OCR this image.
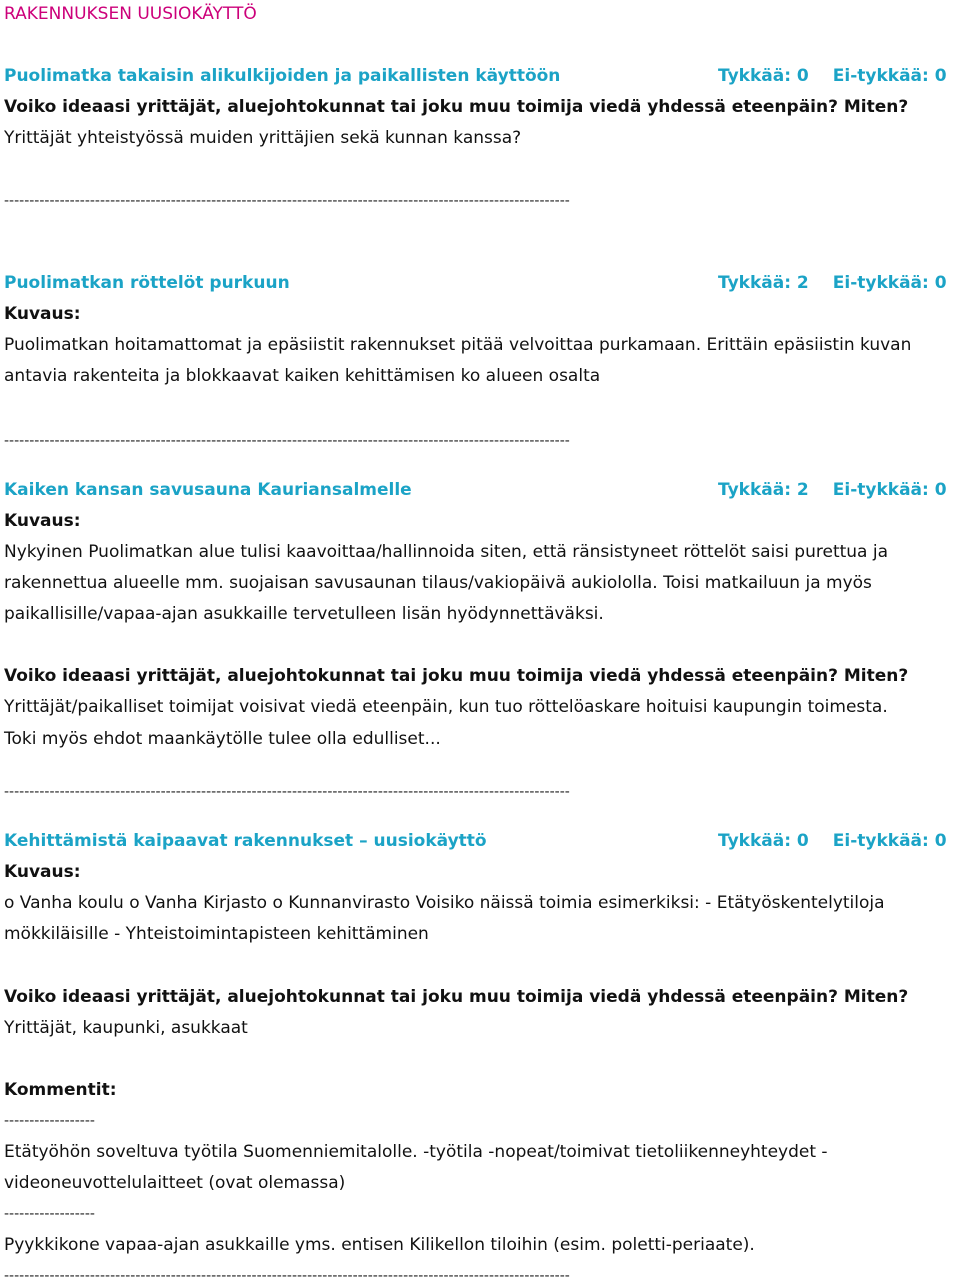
RAKENNUKSEN UUSIOKÄYTTÖ
Puolimatka takaisin alikulkijoiden ja paikallisten käyttöön	Tykkää: 0 Ei-tykkää: 0
Voiko ideaasi yrittäjät, aluejohtokunnat tai joku muu toimija viedä yhdessä eteenpäin? Miten?
Yrittäjät yhteistyössä muiden yrittäjien sekä kunnan kanssa?
----------------------------------------------------------------------------------------------------------------
Puolimatkan röttelöt purkuun	Tykkää: 2 Ei-tykkää: 0
Kuvaus:
Puolimatkan hoitamattomat ja epäsiistit rakennukset pitää velvoittaa purkamaan. Erittäin epäsiistin kuvan
antavia rakenteita ja blokkaavat kaiken kehittämisen ko alueen osalta
----------------------------------------------------------------------------------------------------------------
Kaiken kansan savusauna Kauriansalmelle	Tykkää: 2 Ei-tykkää: 0
Kuvaus:
Nykyinen Puolimatkan alue tulisi kaavoittaa/hallinnoida siten, että ränsistyneet röttelöt saisi purettua ja
rakennettua alueelle mm. suojaisan savusaunan tilaus/vakiopäivä aukiololla. Toisi matkailuun ja myös
paikallisille/vapaa-ajan asukkaille tervetulleen lisän hyödynnettäväksi.
Voiko ideaasi yrittäjät, aluejohtokunnat tai joku muu toimija viedä yhdessä eteenpäin? Miten?
Yrittäjät/paikalliset toimijat voisivat viedä eteenpäin, kun tuo röttelöaskare hoituisi kaupungin toimesta.
Toki myös ehdot maankäytölle tulee olla edulliset...
----------------------------------------------------------------------------------------------------------------
Kehittämistä kaipaavat rakennukset – uusiokäyttö	Tykkää: 0 Ei-tykkää: 0
Kuvaus:
o Vanha koulu o Vanha Kirjasto o Kunnanvirasto Voisiko näissä toimia esimerkiksi: - Etätyöskentelytiloja
mökkiläisille - Yhteistoimintapisteen kehittäminen
Voiko ideaasi yrittäjät, aluejohtokunnat tai joku muu toimija viedä yhdessä eteenpäin? Miten?
Yrittäjät, kaupunki, asukkaat
Kommentit:
------------------
Etätyöhön soveltuva työtila Suomenniemitalolle. -työtila -nopeat/toimivat tietoliikenneyhteydet -
videoneuvottelulaitteet (ovat olemassa)
------------------
Pyykkikone vapaa-ajan asukkaille yms. entisen Kilikellon tiloihin (esim. poletti-periaate).
----------------------------------------------------------------------------------------------------------------
